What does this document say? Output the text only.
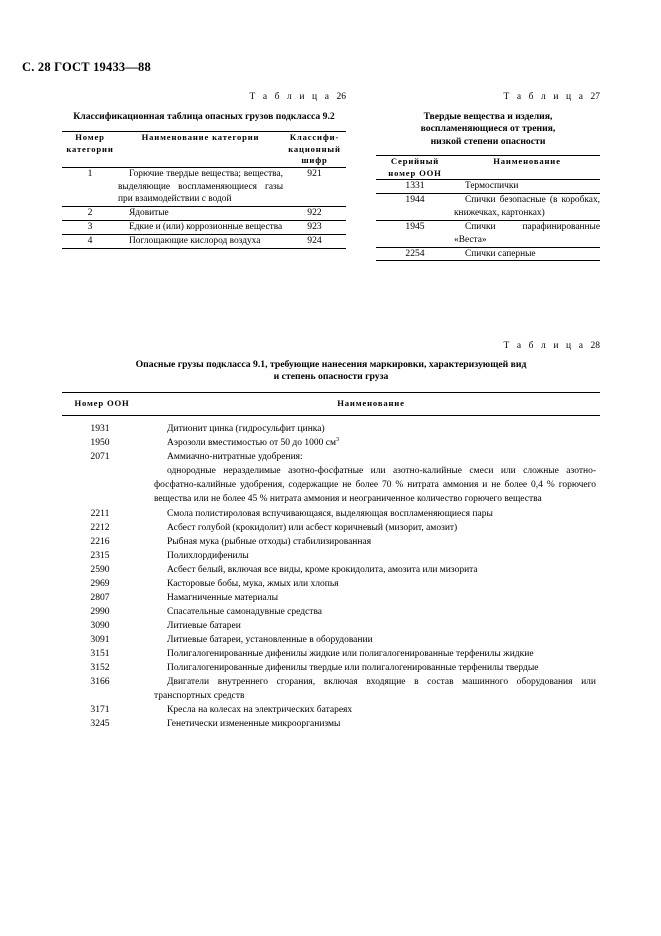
С. 28 ГОСТ 19433—88
Т а б л и ц а 26
Классификационная таблица опасных грузов подкласса 9.2
Номер
категории
	Наименование категории	Классифи-
кационный
шифр

1	Горючие твердые вещества; вещества, выделяющие воспламеняющиеся газы при взаимодействии с водой	921
2	Ядовитые	922
3	Едкие и (или) коррозионные вещества	923
4	Поглощающие кислород воздуха	924

Т а б л и ц а 27
Твердые вещества и изделия,
воспламеняющиеся от трения,
низкой степени опасности
Серийный
номер ООН	Наименование
1331	Термоспички
1944	Спички безопасные (в коробках, книжечках, картонках)
1945	Спички парафинированные «Веста»
2254	Спички саперные

Т а б л и ц а 28
Опасные грузы подкласса 9.1, требующие нанесения маркировки, характеризующей вид
и степень опасности груза
Номер ООН	Наименование
1931	Дитионит цинка (гидросульфит цинка)
1950	Аэрозоли вместимостью от 50 до 1000 $см^3$
2071	Аммиачно-нитратные удобрения:
однородные неразделимые азотно-фосфатные или азотно-калийные смеси или сложные азотно-фосфатно-калийные удобрения, содержащие не более 70 % нитрата аммония и не более 0,4 % горючего вещества или не более 45 % нитрата аммония и неограниченное количество горючего вещества

2211	Смола полистироловая вспучивающаяся, выделяющая воспламеняющиеся пары
2212	Асбест голубой (крокидолит) или асбест коричневый (мизорит, амозит)
2216	Рыбная мука (рыбные отходы) стабилизированная
2315	Полихлордифенилы
2590	Асбест белый, включая все виды, кроме крокидолита, амозита или мизорита
2969	Касторовые бобы, мука, жмых или хлопья
2807	Намагниченные материалы
2990	Спасательные самонадувные средства
3090	Литиевые батареи
3091	Литиевые батареи, установленные в оборудовании
3151	Полигалогенированные дифенилы жидкие или полигалогенированные терфенилы жидкие
3152	Полигалогенированные дифенилы твердые или полигалогенированные терфенилы твердые
3166	Двигатели внутреннего сгорания, включая входящие в состав машинного оборудования или транспортных средств
3171	Кресла на колесах на электрических батареях
3245	Генетически измененные микроорганизмы
